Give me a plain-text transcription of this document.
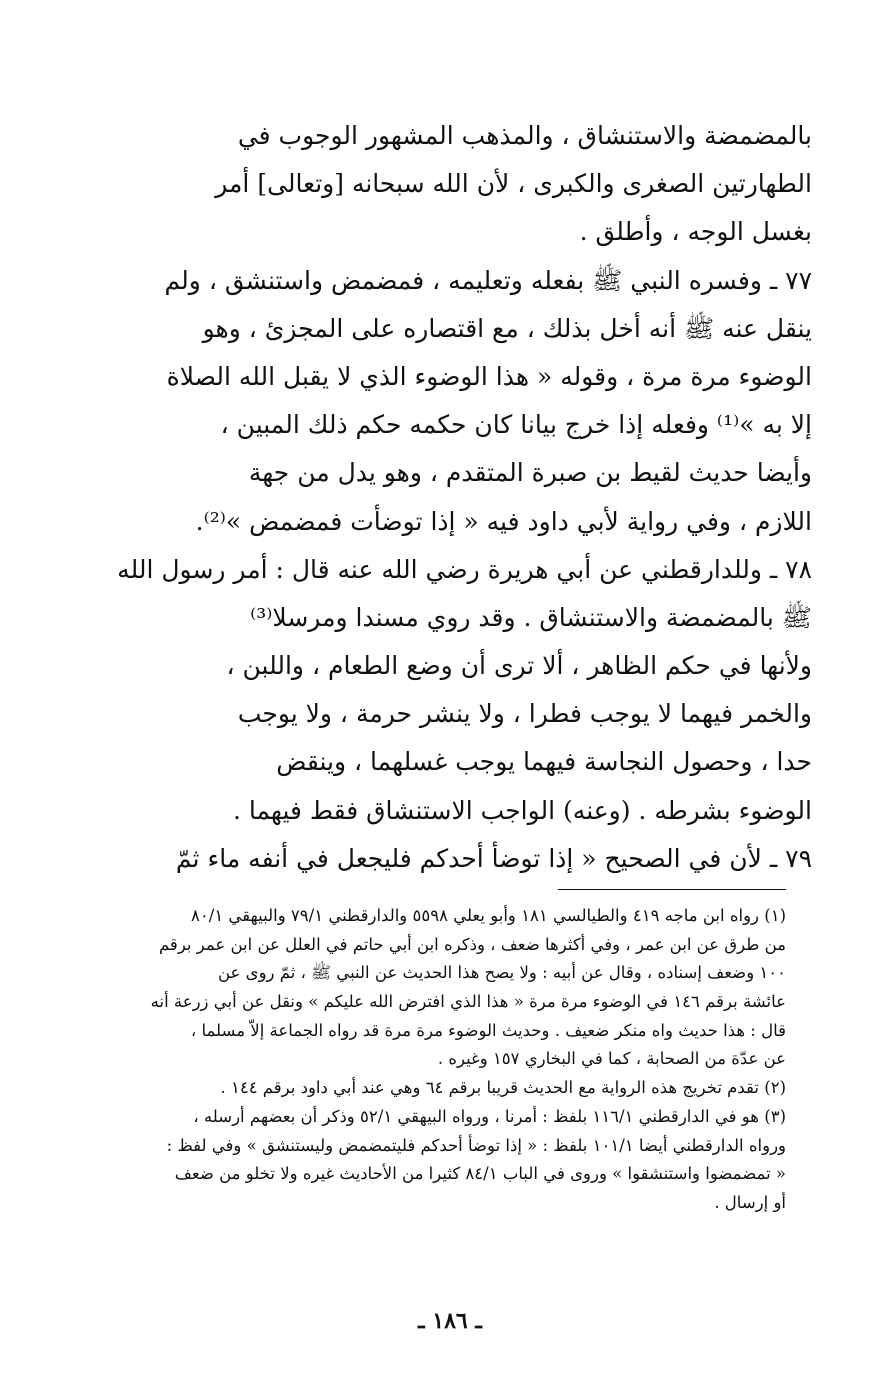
بالمضمضة والاستنشاق ، والمذهب المشهور الوجوب في
الطهارتين الصغرى والكبرى ، لأن الله سبحانه [وتعالى] أمر
بغسل الوجه ، وأطلق .
٧٧ ـ وفسره النبي ﷺ بفعله وتعليمه ، فمضمض واستنشق ، ولم
ينقل عنه ﷺ أنه أخل بذلك ، مع اقتصاره على المجزئ ، وهو
الوضوء مرة مرة ، وقوله « هذا الوضوء الذي لا يقبل الله الصلاة
إلا به »⁽¹⁾ وفعله إذا خرج بيانا كان حكمه حكم ذلك المبين ،
وأيضا حديث لقيط بن صبرة المتقدم ، وهو يدل من جهة
اللازم ، وفي رواية لأبي داود فيه « إذا توضأت فمضمض »⁽²⁾.
٧٨ ـ وللدارقطني عن أبي هريرة رضي الله عنه قال : أمر رسول الله
ﷺ بالمضمضة والاستنشاق . وقد روي مسندا ومرسلا⁽³⁾
ولأنها في حكم الظاهر ، ألا ترى أن وضع الطعام ، واللبن ،
والخمر فيهما لا يوجب فطرا ، ولا ينشر حرمة ، ولا يوجب
حدا ، وحصول النجاسة فيهما يوجب غسلهما ، وينقض
الوضوء بشرطه . (وعنه) الواجب الاستنشاق فقط فيهما .
٧٩ ـ لأن في الصحيح « إذا توضأ أحدكم فليجعل في أنفه ماء ثمّ
(١) رواه ابن ماجه ٤١٩ والطيالسي ١٨١ وأبو يعلي ٥٥٩٨ والدارقطني ٧٩/١ والبيهقي ٨٠/١
من طرق عن ابن عمر ، وفي أكثرها ضعف ، وذكره ابن أبي حاتم في العلل عن ابن عمر برقم
١٠٠ وضعف إسناده ، وقال عن أبيه : ولا يصح هذا الحديث عن النبي ﷺ ، ثمّ روى عن
عائشة برقم ١٤٦ في الوضوء مرة مرة « هذا الذي افترض الله عليكم » ونقل عن أبي زرعة أنه
قال : هذا حديث واه منكر ضعيف . وحديث الوضوء مرة مرة قد رواه الجماعة إلاّ مسلما ،
عن عدّة من الصحابة ، كما في البخاري ١٥٧ وغيره .
(٢) تقدم تخريج هذه الرواية مع الحديث قريبا برقم ٦٤ وهي عند أبي داود برقم ١٤٤ .
(٣) هو في الدارقطني ١١٦/١ بلفظ : أمرنا ، ورواه البيهقي ٥٢/١ وذكر أن بعضهم أرسله ،
ورواه الدارقطني أيضا ١٠١/١ بلفظ : « إذا توضأ أحدكم فليتمضمض وليستنشق » وفي لفظ :
« تمضمضوا واستنشقوا » وروى في الباب ٨٤/١ كثيرا من الأحاديث غيره ولا تخلو من ضعف
أو إرسال .
ـ ١٨٦ ـ
